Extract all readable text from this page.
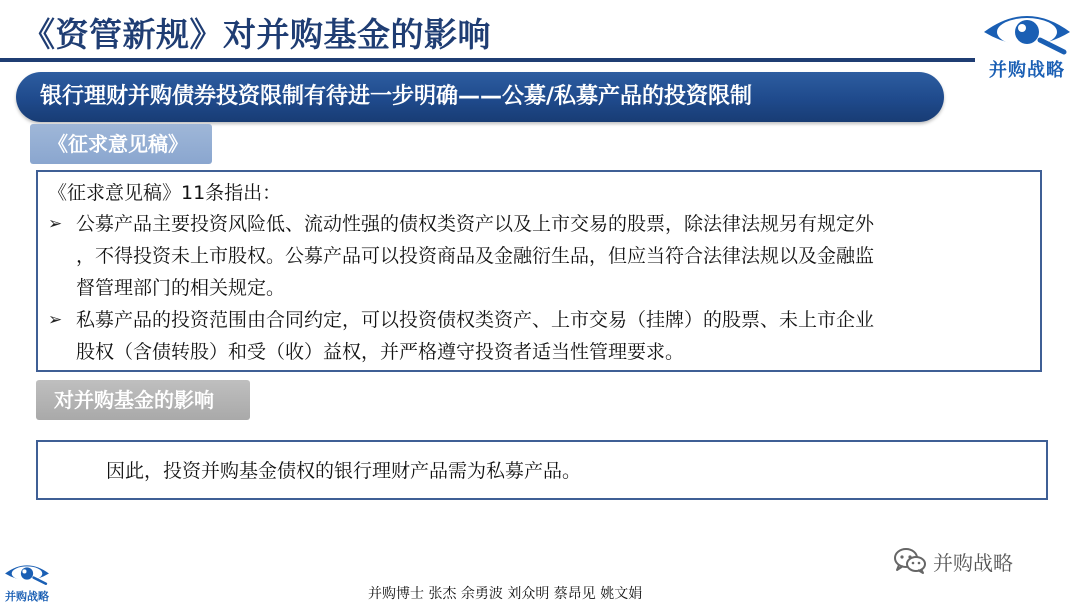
《资管新规》对并购基金的影响
并购战略
银行理财并购债券投资限制有待进一步明确——公募/私募产品的投资限制
《征求意见稿》
《征求意见稿》11条指出：
➢ 公募产品主要投资风险低、流动性强的债权类资产以及上市交易的股票，除法律法规另有规定外
，不得投资未上市股权。公募产品可以投资商品及金融衍生品，但应当符合法律法规以及金融监
督管理部门的相关规定。
➢ 私募产品的投资范围由合同约定，可以投资债权类资产、上市交易（挂牌）的股票、未上市企业
股权（含债转股）和受（收）益权，并严格遵守投资者适当性管理要求。
对并购基金的影响
因此，投资并购基金债权的银行理财产品需为私募产品。
并购战略
并购战略
并购博士 张杰 余勇波 刘众明 蔡昂见 姚文娟
